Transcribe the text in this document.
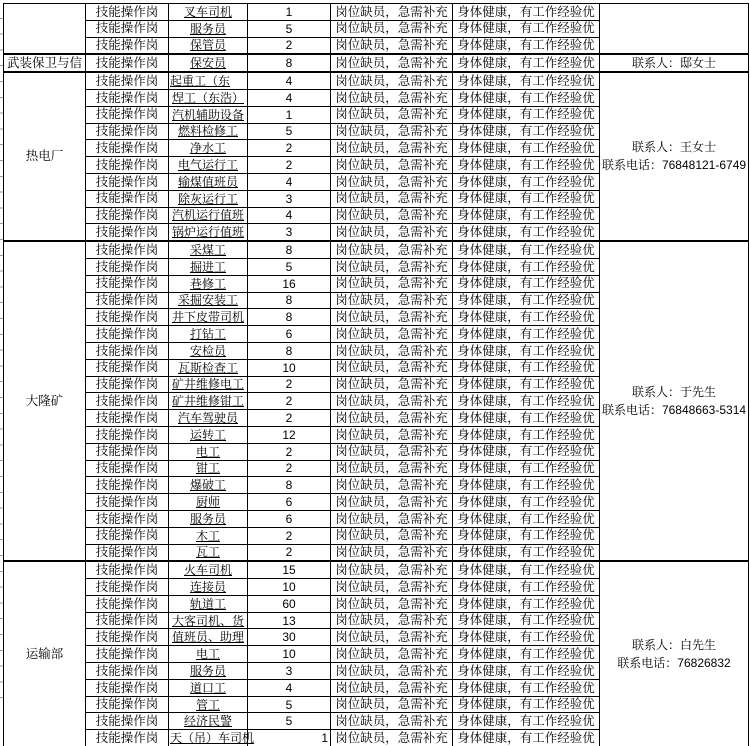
技能操作岗	叉车司机	1	岗位缺员，急需补充 身体健康，有工作经验优
技能操作岗	服务员	5	岗位缺员，急需补充 身体健康，有工作经验优
技能操作岗	保管员	2	岗位缺员，急需补充 身体健康，有工作经验优
武装保卫与信	技能操作岗	保安员	8	岗位缺员，急需补充 身体健康，有工作经验优	联系人：邸女士
热电厂
技能操作岗 起重工（东	4	岗位缺员，急需补充 身体健康，有工作经验优
技能操作岗	焊工（东浩）	4	岗位缺员，急需补充 身体健康，有工作经验优
技能操作岗	汽机辅助设备	1	岗位缺员，急需补充 身体健康，有工作经验优
技能操作岗	燃料检修工	5	岗位缺员，急需补充 身体健康，有工作经验优
技能操作岗	净水工	2	岗位缺员，急需补充 身体健康，有工作经验优
技能操作岗	电气运行工	2	岗位缺员，急需补充 身体健康，有工作经验优
技能操作岗	输煤值班员	4	岗位缺员，急需补充 身体健康，有工作经验优
技能操作岗	除灰运行工	3	岗位缺员，急需补充 身体健康，有工作经验优
技能操作岗	汽机运行值班	4	岗位缺员，急需补充 身体健康，有工作经验优
技能操作岗	锅炉运行值班	3	岗位缺员，急需补充 身体健康，有工作经验优
联系人：王女士
联系电话：76848121-6749
大隆矿
技能操作岗	采煤工	8	岗位缺员，急需补充 身体健康，有工作经验优
技能操作岗	掘进工	5	岗位缺员，急需补充 身体健康，有工作经验优
技能操作岗	巷修工	16	岗位缺员，急需补充 身体健康，有工作经验优
技能操作岗	采掘安装工	8	岗位缺员，急需补充 身体健康，有工作经验优
技能操作岗	井下皮带司机	8	岗位缺员，急需补充 身体健康，有工作经验优
技能操作岗	打钻工	6	岗位缺员，急需补充 身体健康，有工作经验优
技能操作岗	安检员	8	岗位缺员，急需补充 身体健康，有工作经验优
技能操作岗	瓦斯检查工	10	岗位缺员，急需补充 身体健康，有工作经验优
技能操作岗	矿井维修电工	2	岗位缺员，急需补充 身体健康，有工作经验优
技能操作岗	矿井维修钳工	2	岗位缺员，急需补充 身体健康，有工作经验优
技能操作岗	汽车驾驶员	2	岗位缺员，急需补充 身体健康，有工作经验优
技能操作岗	运转工	12	岗位缺员，急需补充 身体健康，有工作经验优
技能操作岗	电工	2	岗位缺员，急需补充 身体健康，有工作经验优
技能操作岗	钳工	2	岗位缺员，急需补充 身体健康，有工作经验优
技能操作岗	爆破工	8	岗位缺员，急需补充 身体健康，有工作经验优
技能操作岗	厨师	6	岗位缺员，急需补充 身体健康，有工作经验优
技能操作岗	服务员	6	岗位缺员，急需补充 身体健康，有工作经验优
技能操作岗	木工	2	岗位缺员，急需补充 身体健康，有工作经验优
技能操作岗	瓦工	2	岗位缺员，急需补充 身体健康，有工作经验优
联系人：于先生
联系电话：76848663-5314
运输部
技能操作岗	火车司机	15	岗位缺员，急需补充 身体健康，有工作经验优
技能操作岗	连接员	10	岗位缺员，急需补充 身体健康，有工作经验优
技能操作岗	轨道工	60	岗位缺员，急需补充 身体健康，有工作经验优
技能操作岗	大客司机、货	13	岗位缺员，急需补充 身体健康，有工作经验优
技能操作岗	值班员、助理	30	岗位缺员，急需补充 身体健康，有工作经验优
技能操作岗	电工	10	岗位缺员，急需补充 身体健康，有工作经验优
技能操作岗	服务员	3	岗位缺员，急需补充 身体健康，有工作经验优
技能操作岗	道口工	4	岗位缺员，急需补充 身体健康，有工作经验优
技能操作岗	管工	5	岗位缺员，急需补充 身体健康，有工作经验优
技能操作岗	经济民警	5	岗位缺员，急需补充 身体健康，有工作经验优
技能操作岗 天（吊）车司机	1 岗位缺员，急需补充 身体健康，有工作经验优
联系人：白先生
联系电话：76826832
